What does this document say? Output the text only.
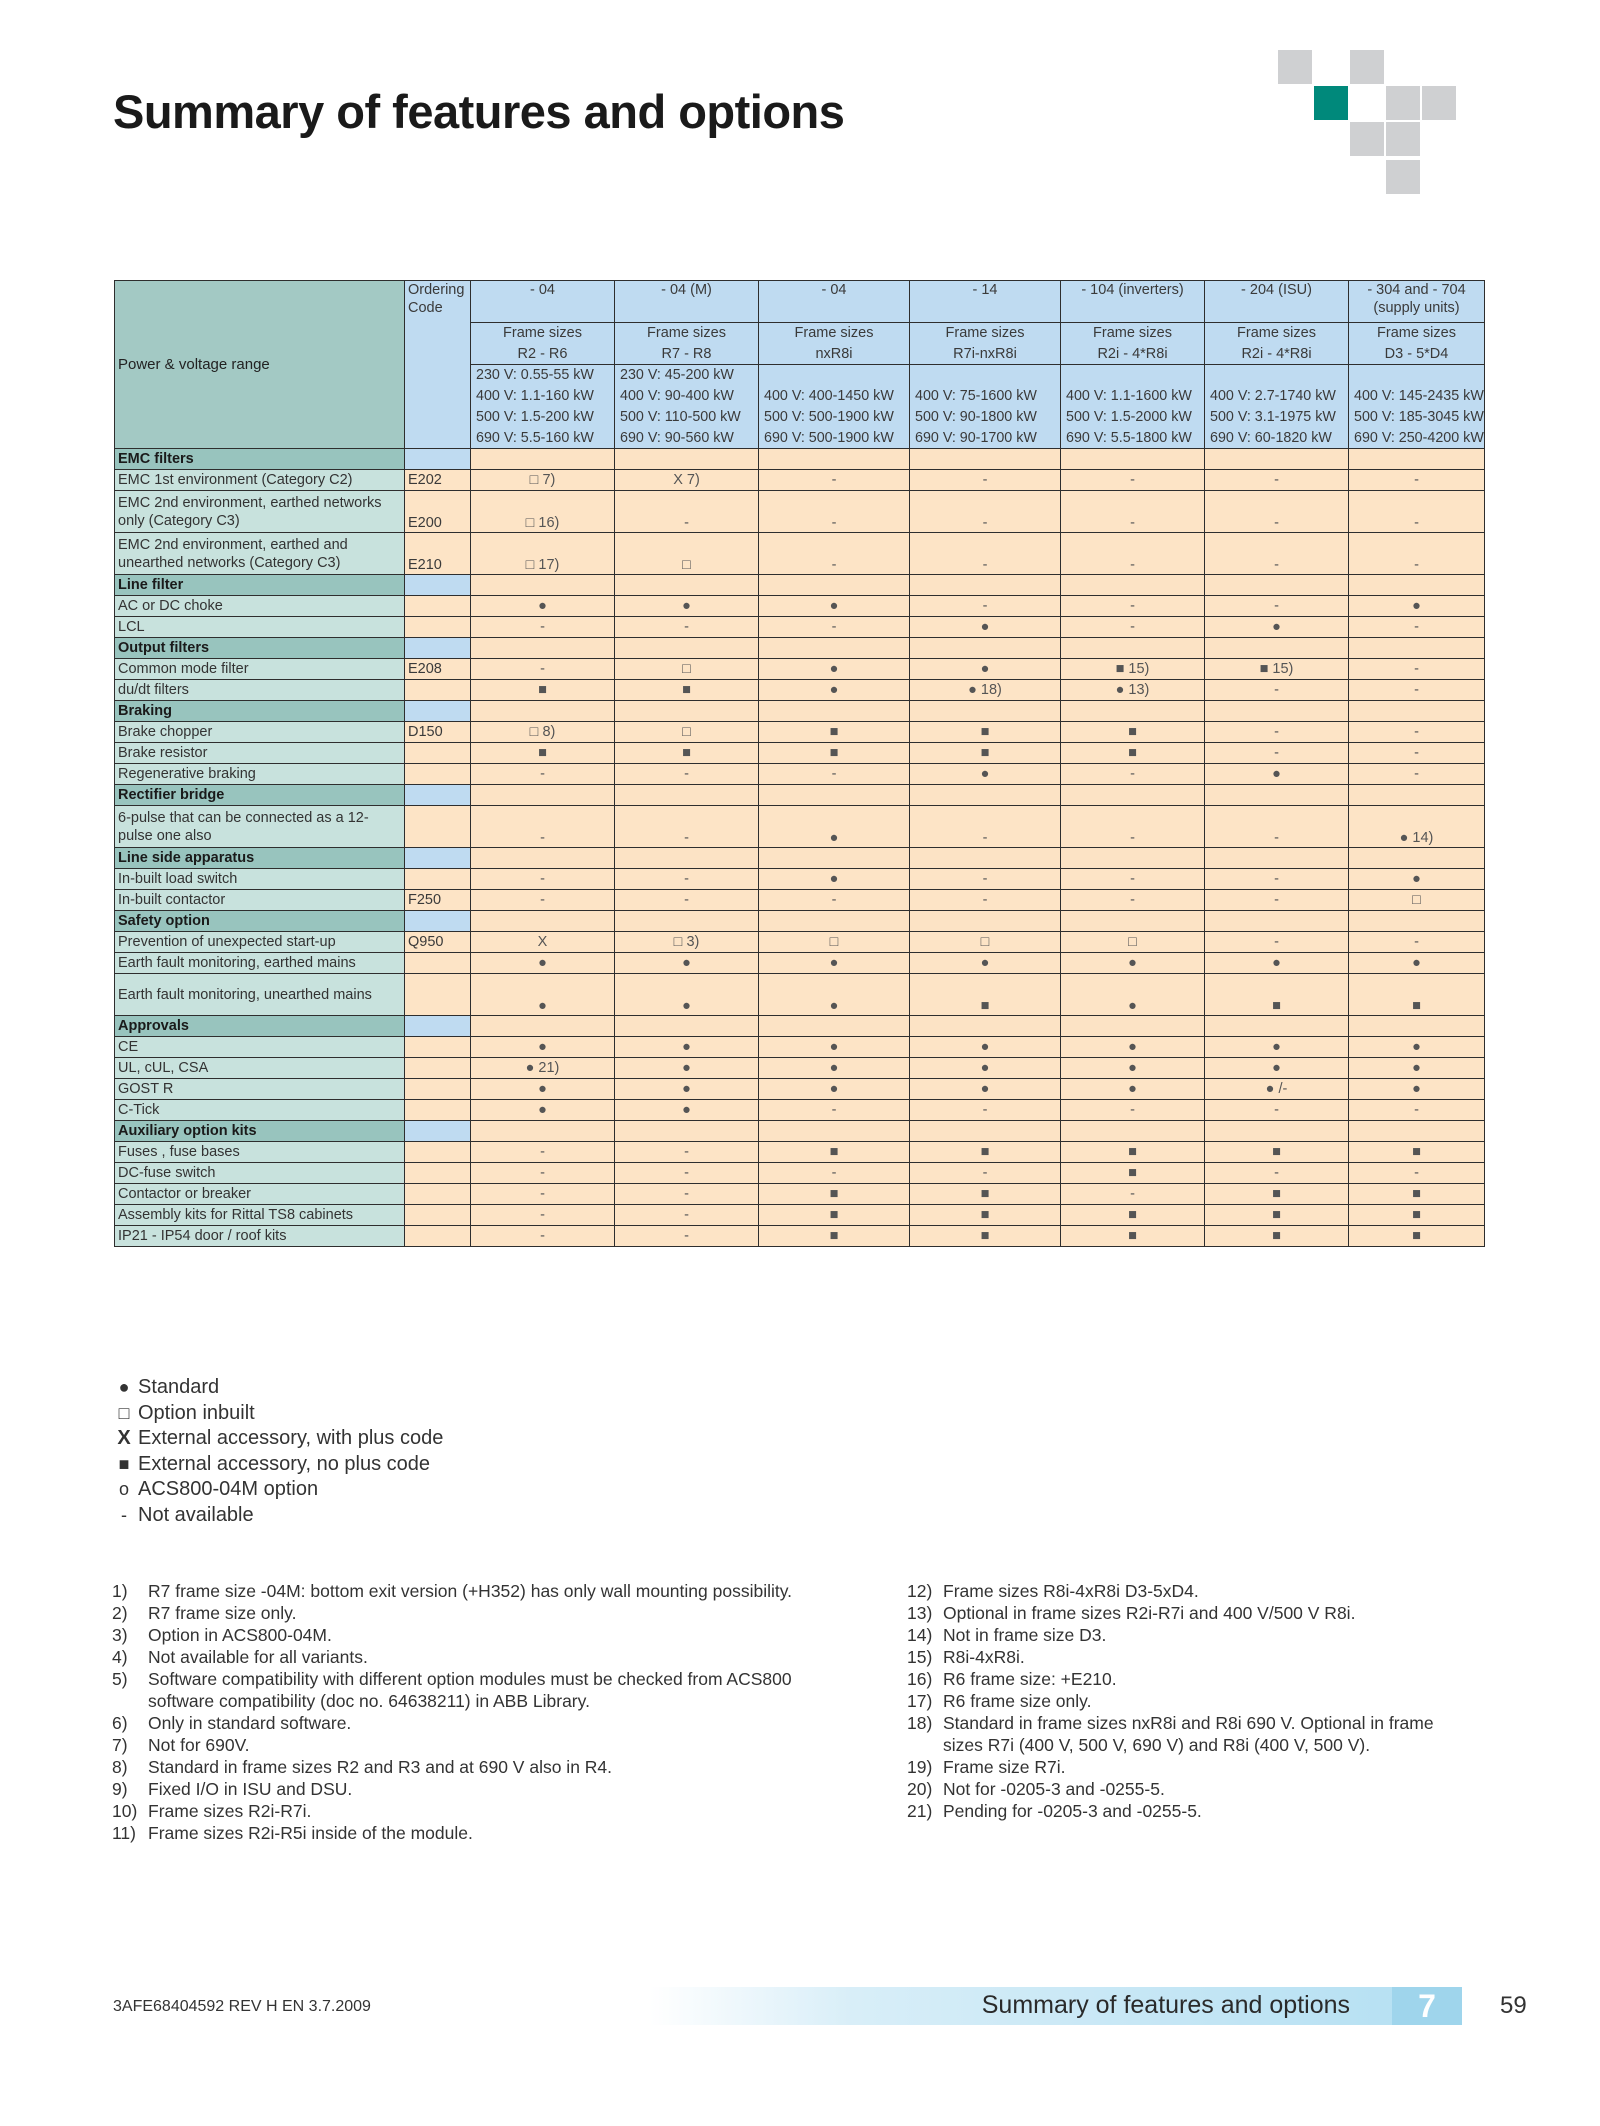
Summary of features and options
Power & voltage range	Ordering Code	- 04	- 04 (M)	- 04	- 14	- 104 (inverters)	- 204 (ISU)	- 304 and - 704 (supply units)
		Frame sizes	Frame sizes	Frame sizes	Frame sizes	Frame sizes	Frame sizes	Frame sizes
		R2 - R6	R7 - R8	nxR8i	R7i-nxR8i	R2i - 4*R8i	R2i - 4*R8i	D3 - 5*D4
		230 V: 0.55-55 kW	230 V: 45-200 kW					
		400 V: 1.1-160 kW	400 V: 90-400 kW	400 V: 400-1450 kW	400 V: 75-1600 kW	400 V: 1.1-1600 kW	400 V: 2.7-1740 kW	400 V: 145-2435 kW
		500 V: 1.5-200 kW	500 V: 110-500 kW	500 V: 500-1900 kW	500 V: 90-1800 kW	500 V: 1.5-2000 kW	500 V: 3.1-1975 kW	500 V: 185-3045 kW
		690 V: 5.5-160 kW	690 V: 90-560 kW	690 V: 500-1900 kW	690 V: 90-1700 kW	690 V: 5.5-1800 kW	690 V: 60-1820 kW	690 V: 250-4200 kW

EMC filters								
EMC 1st environment (Category C2)	E202	□ 7)	X 7)	-	-	-	-	-
EMC 2nd environment, earthed networks only (Category C3)	E200	□ 16)	-	-	-	-	-	-
EMC 2nd environment, earthed and unearthed networks (Category C3)	E210	□ 17)	□	-	-	-	-	-
Line filter								
AC or DC choke		●	●	●	-	-	-	●
LCL		-	-	-	●	-	●	-
Output filters								
Common mode filter	E208	-	□	●	●	■ 15)	■ 15)	-
du/dt filters		■	■	●	● 18)	● 13)	-	-
Braking								
Brake chopper	D150	□ 8)	□	■	■	■	-	-
Brake resistor		■	■	■	■	■	-	-
Regenerative braking		-	-	-	●	-	●	-
Rectifier bridge								
6-pulse that can be connected as a 12-pulse one also		-	-	●	-	-	-	● 14)
Line side apparatus								
In-built load switch		-	-	●	-	-	-	●
In-built contactor	F250	-	-	-	-	-	-	□
Safety option								
Prevention of unexpected start-up	Q950	X	□ 3)	□	□	□	-	-
Earth fault monitoring, earthed mains		●	●	●	●	●	●	●
Earth fault monitoring, unearthed mains		●	●	●	■	●	■	■
Approvals								
CE		●	●	●	●	●	●	●
UL, cUL, CSA		● 21)	●	●	●	●	●	●
GOST R		●	●	●	●	●	● /-	●
C-Tick		●	●	-	-	-	-	-
Auxiliary option kits								
Fuses , fuse bases		-	-	■	■	■	■	■
DC-fuse switch		-	-	-	-	■	-	-
Contactor or breaker		-	-	■	■	-	■	■
Assembly kits for Rittal TS8 cabinets		-	-	■	■	■	■	■
IP21 - IP54 door / roof kits		-	-	■	■	■	■	■
● Standard
□ Option inbuilt
X External accessory, with plus code
■ External accessory, no plus code
o ACS800-04M option
- Not available
1)	R7 frame size -04M: bottom exit version (+H352) has only wall mounting possibility.
2)	R7 frame size only.
3)	Option in ACS800-04M.
4)	Not available for all variants.
5)	Software compatibility with different option modules must be checked from ACS800 software compatibility (doc no. 64638211) in ABB Library.
6)	Only in standard software.
7)	Not for 690V.
8)	Standard in frame sizes R2 and R3 and at 690 V also in R4.
9)	Fixed I/O in ISU and DSU.
10) Frame sizes R2i-R7i.
11) Frame sizes R2i-R5i inside of the module.
12) Frame sizes R8i-4xR8i D3-5xD4.
13) Optional in frame sizes R2i-R7i and 400 V/500 V R8i.
14) Not in frame size D3.
15) R8i-4xR8i.
16) R6 frame size: +E210.
17) R6 frame size only.
18) Standard in frame sizes nxR8i and R8i 690 V. Optional in frame sizes R7i (400 V, 500 V, 690 V) and R8i (400 V, 500 V).
19) Frame size R7i.
20) Not for -0205-3 and -0255-5.
21) Pending for -0205-3 and -0255-5.
3AFE68404592 REV H EN 3.7.2009	Summary of features and options	7	59
